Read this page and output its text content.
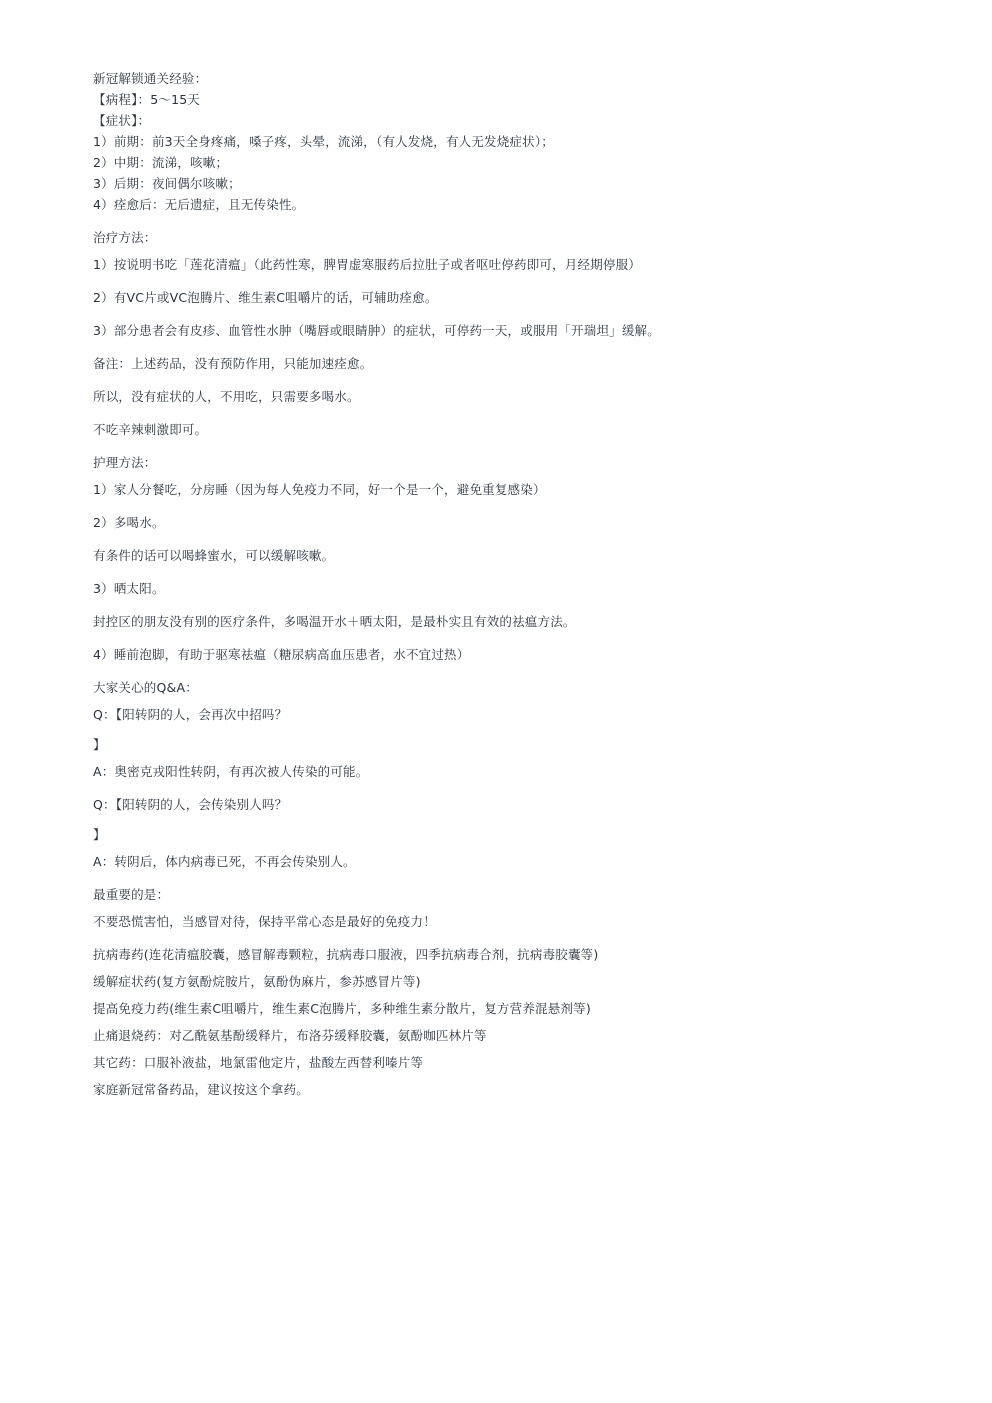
新冠解锁通关经验：
【病程】：5～15天
【症状】：
1）前期：前3天全身疼痛，嗓子疼，头晕，流涕，（有人发烧，有人无发烧症状）；
2）中期：流涕，咳嗽；
3）后期：夜间偶尔咳嗽；
4）痊愈后：无后遗症，且无传染性。
治疗方法：
1）按说明书吃「莲花清瘟」（此药性寒，脾胃虚寒服药后拉肚子或者呕吐停药即可，月经期停服）
2）有VC片或VC泡腾片、维生素C咀嚼片的话，可辅助痊愈。
3）部分患者会有皮疹、血管性水肿（嘴唇或眼睛肿）的症状，可停药一天，或服用「开瑞坦」缓解。
备注：上述药品，没有预防作用，只能加速痊愈。
所以，没有症状的人，不用吃，只需要多喝水。
不吃辛辣刺激即可。
护理方法：
1）家人分餐吃，分房睡（因为每人免疫力不同，好一个是一个，避免重复感染）
2）多喝水。
有条件的话可以喝蜂蜜水，可以缓解咳嗽。
3）晒太阳。
封控区的朋友没有别的医疗条件，多喝温开水＋晒太阳，是最朴实且有效的祛瘟方法。
4）睡前泡脚，有助于驱寒祛瘟（糖尿病高血压患者，水不宜过热）
大家关心的Q&A：
Q：【阳转阴的人，会再次中招吗？
】
A：奥密克戎阳性转阴，有再次被人传染的可能。
Q：【阳转阴的人，会传染别人吗？
】
A：转阴后，体内病毒已死，不再会传染别人。
最重要的是：
不要恐慌害怕，当感冒对待，保持平常心态是最好的免疫力！
抗病毒药(连花清瘟胶囊，感冒解毒颗粒，抗病毒口服液，四季抗病毒合剂，抗病毒胶囊等)
缓解症状药(复方氨酚烷胺片，氨酚伪麻片，参苏感冒片等)
提高免疫力药(维生素C咀嚼片，维生素C泡腾片，多种维生素分散片，复方营养混悬剂等)
止痛退烧药：对乙酰氨基酚缓释片，布洛芬缓释胶囊，氨酚咖匹林片等
其它药：口服补液盐，地氯雷他定片，盐酸左西替利嗪片等
家庭新冠常备药品，建议按这个拿药。
